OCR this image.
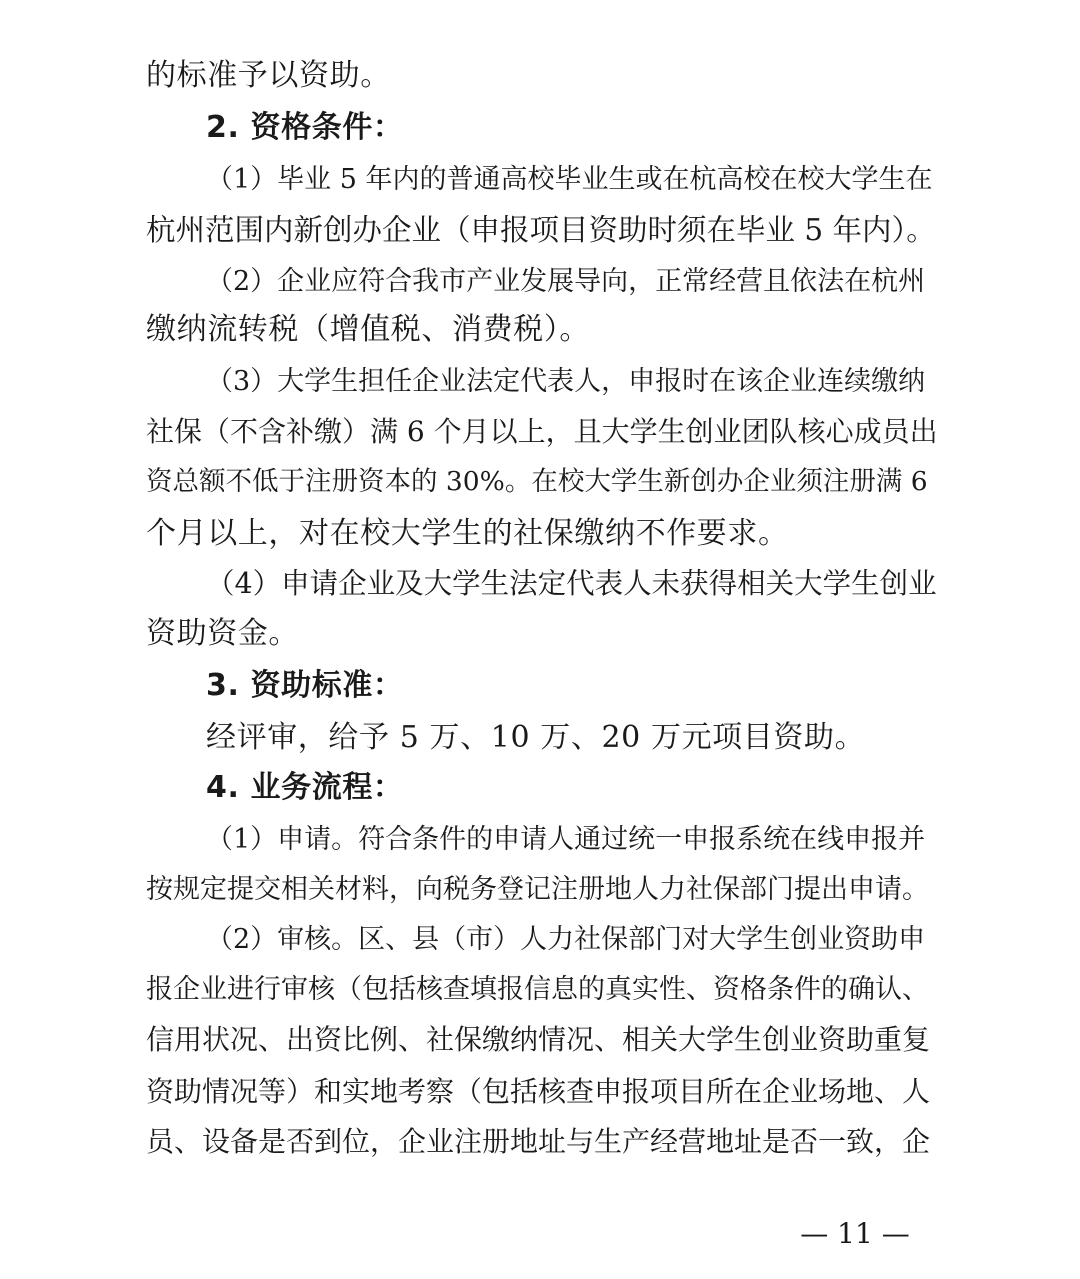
的标准予以资助。
2. 资格条件：
（1）毕业 5 年内的普通高校毕业生或在杭高校在校大学生在
杭州范围内新创办企业（申报项目资助时须在毕业 5 年内）。
（2）企业应符合我市产业发展导向，正常经营且依法在杭州
缴纳流转税（增值税、消费税）。
（3）大学生担任企业法定代表人，申报时在该企业连续缴纳
社保（不含补缴）满 6 个月以上，且大学生创业团队核心成员出
资总额不低于注册资本的 30%。在校大学生新创办企业须注册满 6
个月以上，对在校大学生的社保缴纳不作要求。
（4）申请企业及大学生法定代表人未获得相关大学生创业
资助资金。
3. 资助标准：
经评审，给予 5 万、10 万、20 万元项目资助。
4. 业务流程：
（1）申请。符合条件的申请人通过统一申报系统在线申报并
按规定提交相关材料，向税务登记注册地人力社保部门提出申请。
（2）审核。区、县（市）人力社保部门对大学生创业资助申
报企业进行审核（包括核查填报信息的真实性、资格条件的确认、
信用状况、出资比例、社保缴纳情况、相关大学生创业资助重复
资助情况等）和实地考察（包括核查申报项目所在企业场地、人
员、设备是否到位，企业注册地址与生产经营地址是否一致，企
— 11 —
